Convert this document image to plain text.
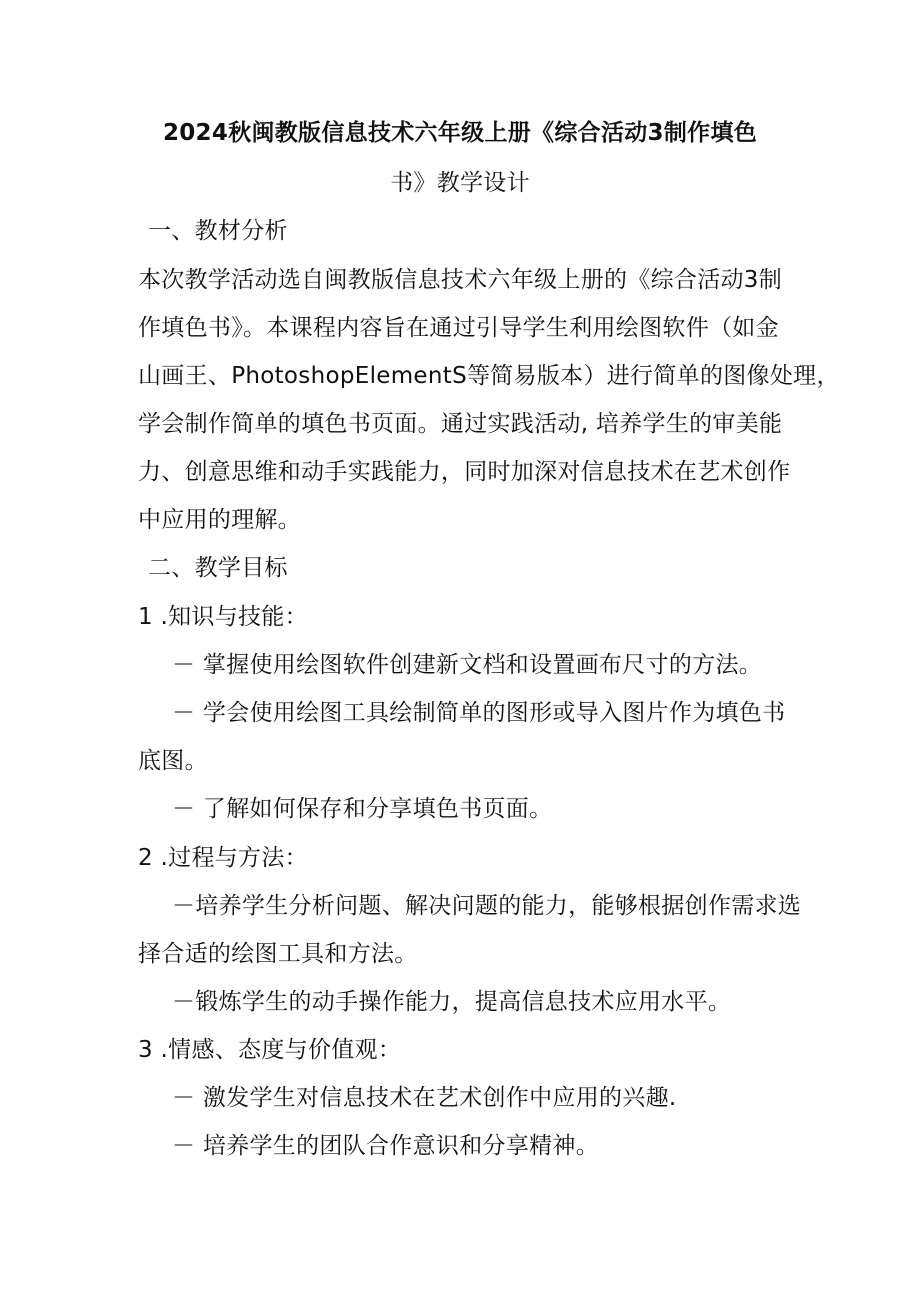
2024秋闽教版信息技术六年级上册《综合活动3制作填色
书》教学设计
一、教材分析
本次教学活动选自闽教版信息技术六年级上册的《综合活动3制
作填色书》。本课程内容旨在通过引导学生利用绘图软件（如金
山画王、PhotoshopElementS等简易版本）进行简单的图像处理，
学会制作简单的填色书页面。通过实践活动, 培养学生的审美能
力、创意思维和动手实践能力，同时加深对信息技术在艺术创作
中应用的理解。
二、教学目标
1 .知识与技能：
－ 掌握使用绘图软件创建新文档和设置画布尺寸的方法。
－ 学会使用绘图工具绘制简单的图形或导入图片作为填色书
底图。
－ 了解如何保存和分享填色书页面。
2 .过程与方法：
－培养学生分析问题、解决问题的能力，能够根据创作需求选
择合适的绘图工具和方法。
－锻炼学生的动手操作能力，提高信息技术应用水平。
3 .情感、态度与价值观：
－ 激发学生对信息技术在艺术创作中应用的兴趣.
－ 培养学生的团队合作意识和分享精神。
